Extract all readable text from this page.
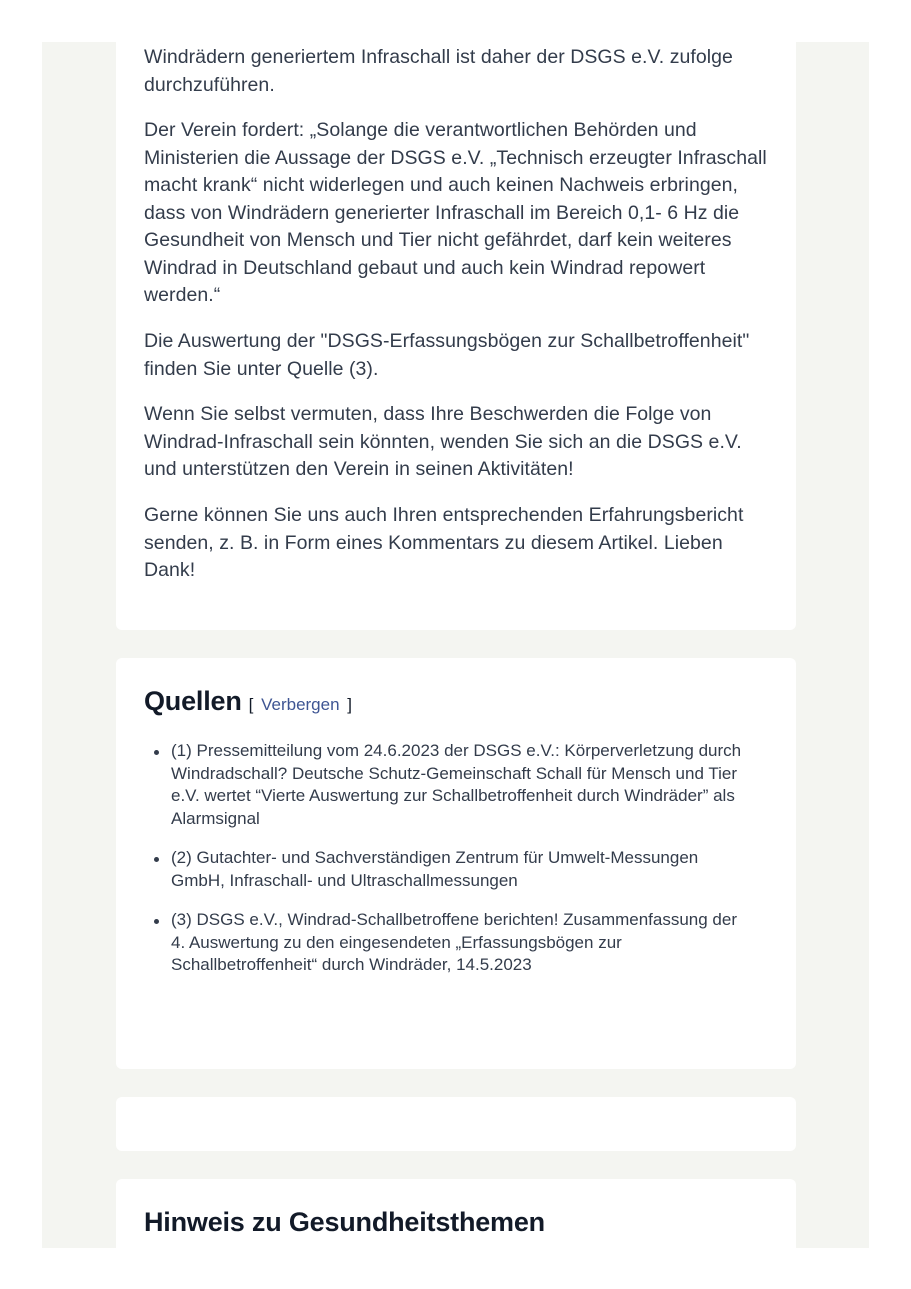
Windrädern generiertem Infraschall ist daher der DSGS e.V. zufolge durchzuführen.

Der Verein fordert: „Solange die verantwortlichen Behörden und Ministerien die Aussage der DSGS e.V. „Technisch erzeugter Infraschall macht krank“ nicht widerlegen und auch keinen Nachweis erbringen, dass von Windrädern generierter Infraschall im Bereich 0,1- 6 Hz die Gesundheit von Mensch und Tier nicht gefährdet, darf kein weiteres Windrad in Deutschland gebaut und auch kein Windrad repowert werden.“

Die Auswertung der "DSGS-Erfassungsbögen zur Schallbetroffenheit" finden Sie unter Quelle (3).

Wenn Sie selbst vermuten, dass Ihre Beschwerden die Folge von Windrad-Infraschall sein könnten, wenden Sie sich an die DSGS e.V. und unterstützen den Verein in seinen Aktivitäten!

Gerne können Sie uns auch Ihren entsprechenden Erfahrungsbericht senden, z. B. in Form eines Kommentars zu diesem Artikel. Lieben Dank!

Quellen [ Verbergen ]
(1) Pressemitteilung vom 24.6.2023 der DSGS e.V.: Körperverletzung durch Windradschall? Deutsche Schutz-Gemeinschaft Schall für Mensch und Tier e.V. wertet “Vierte Auswertung zur Schallbetroffenheit durch Windräder” als Alarmsignal
(2) Gutachter- und Sachverständigen Zentrum für Umwelt-Messungen GmbH, Infraschall- und Ultraschallmessungen
(3) DSGS e.V., Windrad-Schallbetroffene berichten! Zusammenfassung der 4. Auswertung zu den eingesendeten „Erfassungsbögen zur Schallbetroffenheit“ durch Windräder, 14.5.2023
Hinweis zu Gesundheitsthemen
